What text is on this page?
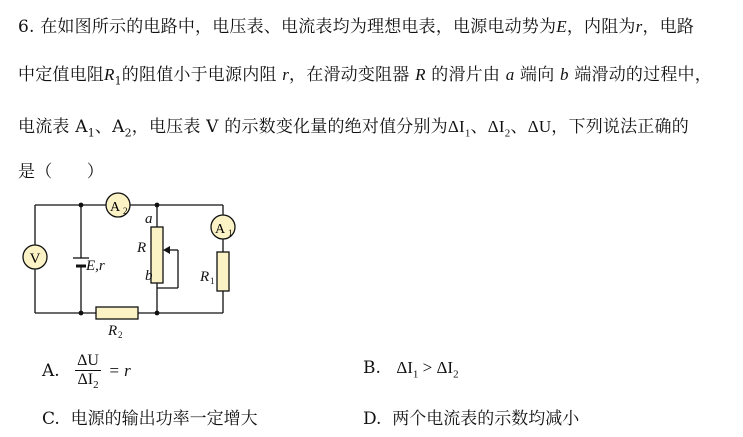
6. 在如图所示的电路中，电压表、电流表均为理想电表，电源电动势为E，内阻为r，电路
中定值电阻$R_1$的阻值小于电源内阻 r，在滑动变阻器 R 的滑片由 a 端向 b 端滑动的过程中，
电流表 $A_1$、$A_2$，电压表 V 的示数变化量的绝对值分别为$\Delta I_1$、$\Delta I_2$、ΔU，下列说法正确的
是（　　）
V
A 2
A 1
a
R
b
E,r
R
R
1
2
A. $\frac{\Delta U}{\Delta I_2} = r$	B. $\Delta I_1 > \Delta I_2$
C. 电源的输出功率一定增大	D. 两个电流表的示数均减小
